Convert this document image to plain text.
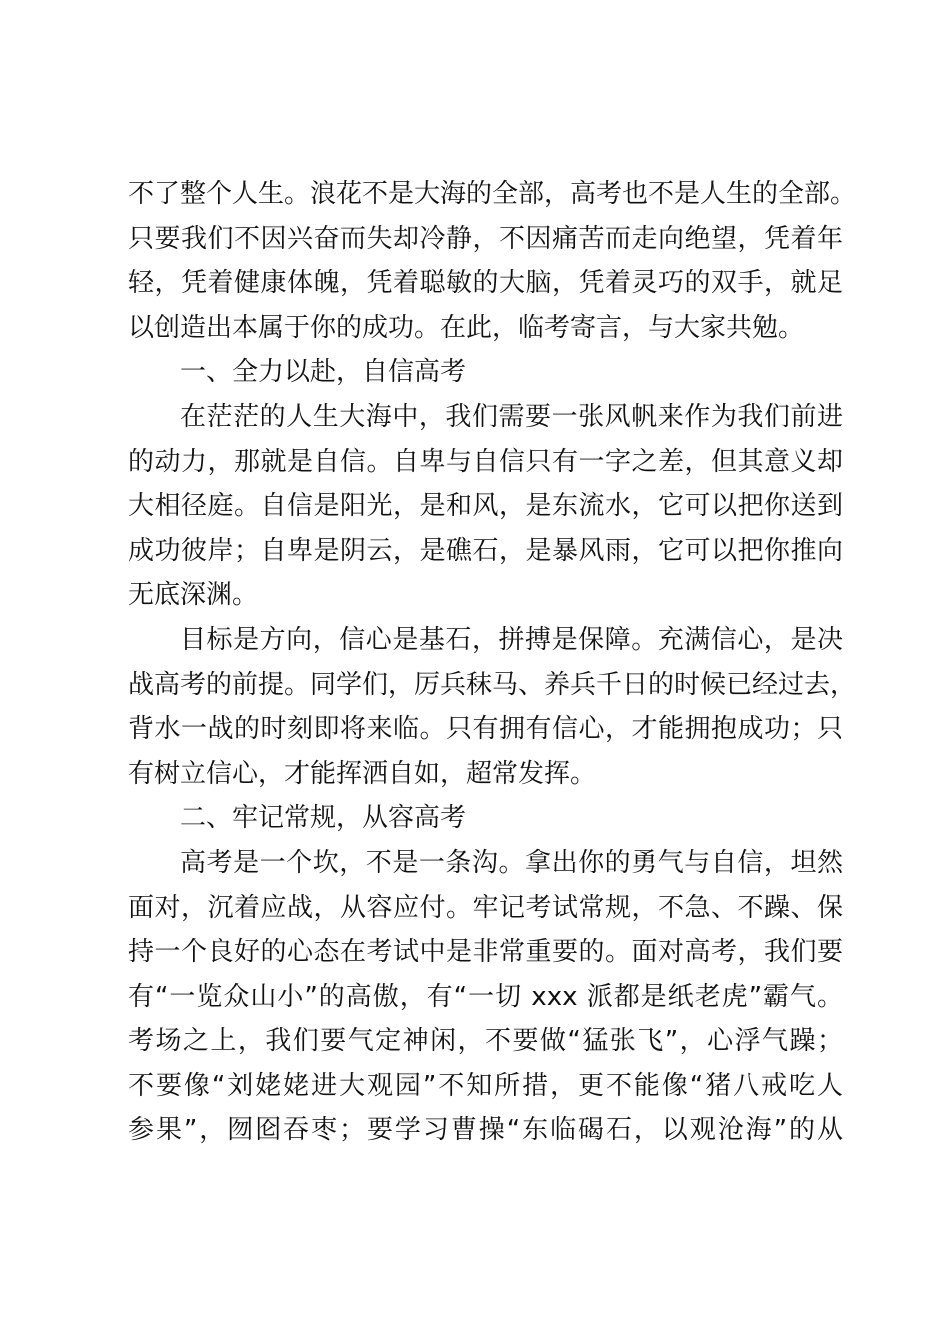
不了整个人生。浪花不是大海的全部，高考也不是人生的全部。
只要我们不因兴奋而失却冷静，不因痛苦而走向绝望，凭着年
轻，凭着健康体魄，凭着聪敏的大脑，凭着灵巧的双手，就足
以创造出本属于你的成功。在此，临考寄言，与大家共勉。
一、全力以赴，自信高考
在茫茫的人生大海中，我们需要一张风帆来作为我们前进
的动力，那就是自信。自卑与自信只有一字之差，但其意义却
大相径庭。自信是阳光，是和风，是东流水，它可以把你送到
成功彼岸；自卑是阴云，是礁石，是暴风雨，它可以把你推向
无底深渊。
目标是方向，信心是基石，拼搏是保障。充满信心，是决
战高考的前提。同学们，厉兵秣马、养兵千日的时候已经过去，
背水一战的时刻即将来临。只有拥有信心，才能拥抱成功；只
有树立信心，才能挥洒自如，超常发挥。
二、牢记常规，从容高考
高考是一个坎，不是一条沟。拿出你的勇气与自信，坦然
面对，沉着应战，从容应付。牢记考试常规，不急、不躁、保
持一个良好的心态在考试中是非常重要的。面对高考，我们要
有“一览众山小”的高傲，有“一切 xxx 派都是纸老虎”霸气。
考场之上，我们要气定神闲，不要做“猛张飞”，心浮气躁；
不要像“刘姥姥进大观园”不知所措，更不能像“猪八戒吃人
参果”，囫囵吞枣；要学习曹操“东临碣石，以观沧海”的从
